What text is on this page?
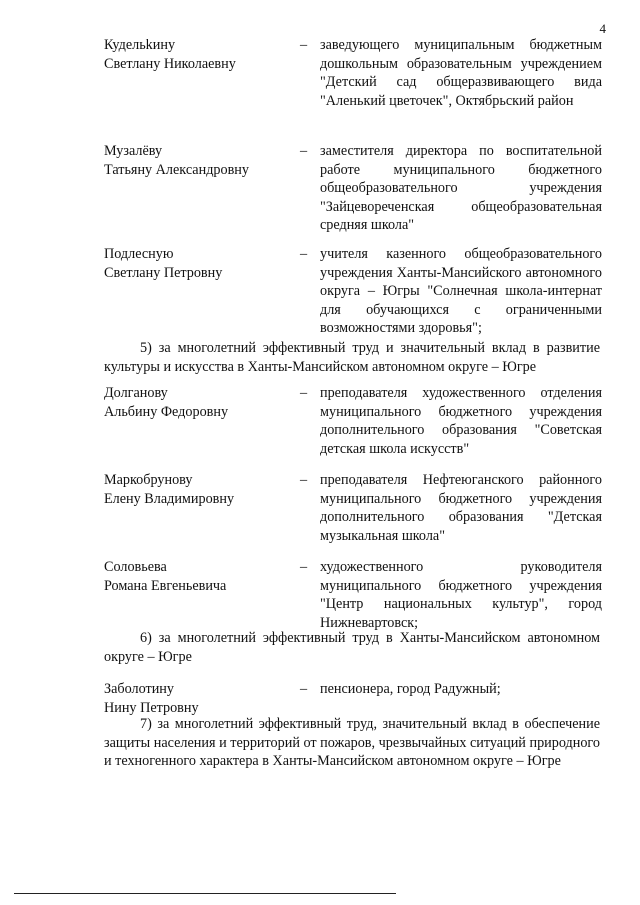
4
Кудельkину
Светлану Николаевну
– заведующего муниципальным бюджетным дошкольным образовательным учреждением "Детский сад общеразвивающего вида "Аленький цветочек", Октябрьский район
Музалёву
Татьяну Александровну
– заместителя директора по воспитательной работе муниципального бюджетного общеобразовательного учреждения "Зайцевореченская общеобразовательная средняя школа"
Подлесную
Светлану Петровну
– учителя казенного общеобразовательного учреждения Ханты-Мансийского автономного округа – Югры "Солнечная школа-интернат для обучающихся с ограниченными возможностями здоровья";
5) за многолетний эффективный труд и значительный вклад в развитие культуры и искусства в Ханты-Мансийском автономном округе – Югре
Долганову
Альбину Федоровну
– преподавателя художественного отделения муниципального бюджетного учреждения дополнительного образования "Советская детская школа искусств"
Маркобрунову
Елену Владимировну
– преподавателя Нефтеюганского районного муниципального бюджетного учреждения дополнительного образования "Детская музыкальная школа"
Соловьева
Романа Евгеньевича
– художественного руководителя муниципального бюджетного учреждения "Центр национальных культур", город Нижневартовск;
6) за многолетний эффективный труд в Ханты-Мансийском автономном округе – Югре
Заболотину
Нину Петровну
– пенсионера, город Радужный;
7) за многолетний эффективный труд, значительный вклад в обеспечение защиты населения и территорий от пожаров, чрезвычайных ситуаций природного и техногенного характера в Ханты-Мансийском автономном округе – Югре
